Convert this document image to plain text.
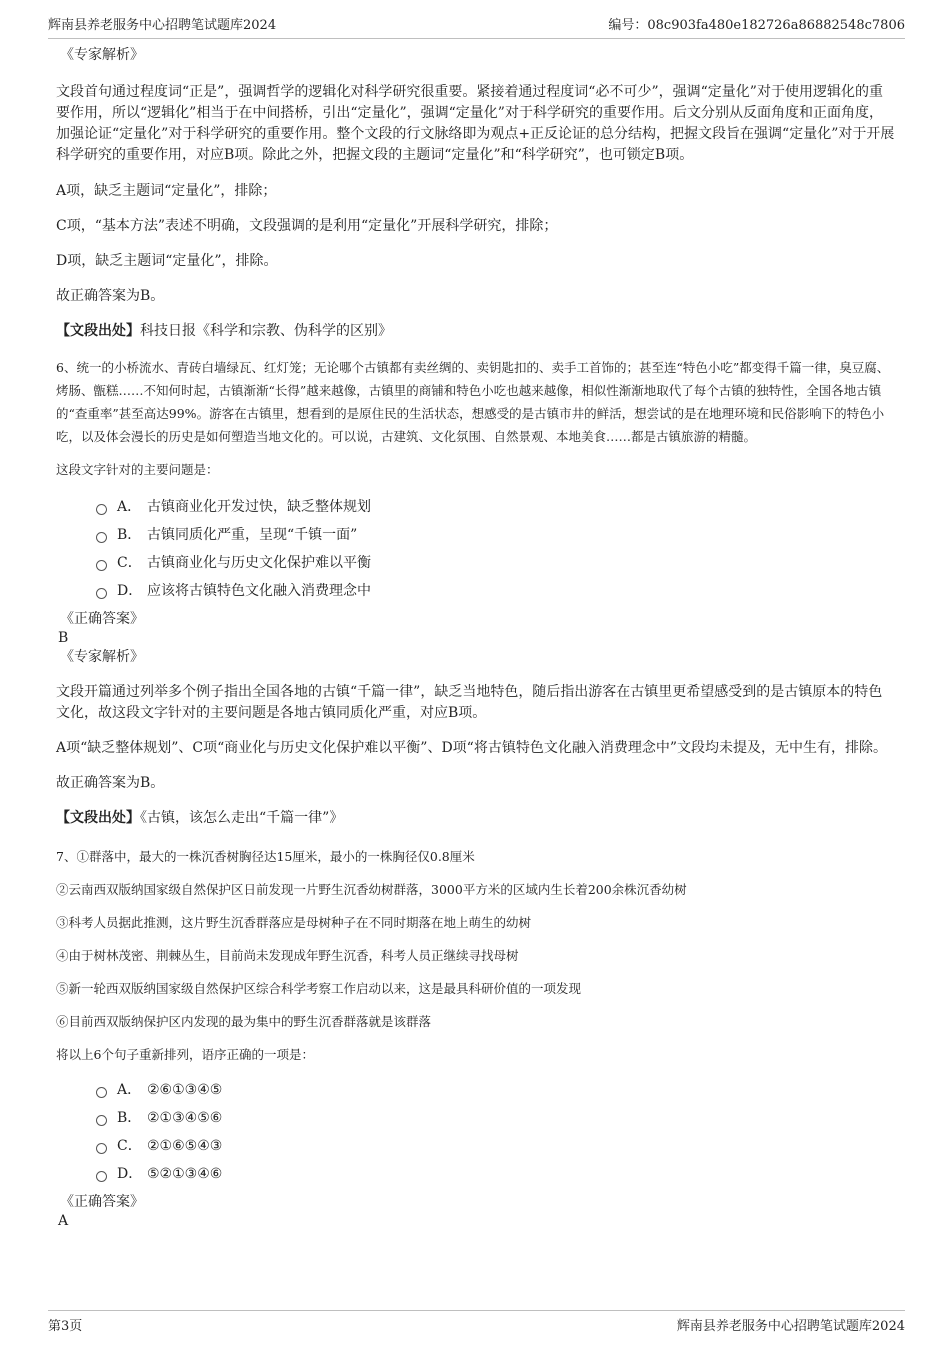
辉南县养老服务中心招聘笔试题库2024	编号：08c903fa480e182726a86882548c7806

《专家解析》

文段首句通过程度词“正是”，强调哲学的逻辑化对科学研究很重要。紧接着通过程度词“必不可少”，强调“定量化”对于使用逻辑化的重要作用，所以“逻辑化”相当于在中间搭桥，引出“定量化”，强调“定量化”对于科学研究的重要作用。后文分别从反面角度和正面角度，加强论证“定量化”对于科学研究的重要作用。整个文段的行文脉络即为观点+正反论证的总分结构，把握文段旨在强调“定量化”对于开展科学研究的重要作用，对应B项。除此之外，把握文段的主题词“定量化”和“科学研究”，也可锁定B项。

A项，缺乏主题词“定量化”，排除；

C项，“基本方法”表述不明确，文段强调的是利用“定量化”开展科学研究，排除；

D项，缺乏主题词“定量化”，排除。

故正确答案为B。

【文段出处】科技日报《科学和宗教、伪科学的区别》

6、统一的小桥流水、青砖白墙绿瓦、红灯笼；无论哪个古镇都有卖丝绸的、卖钥匙扣的、卖手工首饰的；甚至连“特色小吃”都变得千篇一律，臭豆腐、烤肠、甑糕……不知何时起，古镇渐渐“长得”越来越像，古镇里的商铺和特色小吃也越来越像，相似性渐渐地取代了每个古镇的独特性，全国各地古镇的“查重率”甚至高达99%。游客在古镇里，想看到的是原住民的生活状态，想感受的是古镇市井的鲜活，想尝试的是在地理环境和民俗影响下的特色小吃，以及体会漫长的历史是如何塑造当地文化的。可以说，古建筑、文化氛围、自然景观、本地美食……都是古镇旅游的精髓。

这段文字针对的主要问题是：

A． 古镇商业化开发过快，缺乏整体规划
B． 古镇同质化严重，呈现“千镇一面”
C． 古镇商业化与历史文化保护难以平衡
D． 应该将古镇特色文化融入消费理念中

《正确答案》

B

《专家解析》

文段开篇通过列举多个例子指出全国各地的古镇“千篇一律”，缺乏当地特色，随后指出游客在古镇里更希望感受到的是古镇原本的特色文化，故这段文字针对的主要问题是各地古镇同质化严重，对应B项。

A项“缺乏整体规划”、C项“商业化与历史文化保护难以平衡”、D项“将古镇特色文化融入消费理念中”文段均未提及，无中生有，排除。

故正确答案为B。

【文段出处】《古镇，该怎么走出“千篇一律”》

7、①群落中，最大的一株沉香树胸径达15厘米，最小的一株胸径仅0.8厘米

②云南西双版纳国家级自然保护区日前发现一片野生沉香幼树群落，3000平方米的区域内生长着200余株沉香幼树

③科考人员据此推测，这片野生沉香群落应是母树种子在不同时期落在地上萌生的幼树

④由于树林茂密、荆棘丛生，目前尚未发现成年野生沉香，科考人员正继续寻找母树

⑤新一轮西双版纳国家级自然保护区综合科学考察工作启动以来，这是最具科研价值的一项发现

⑥目前西双版纳保护区内发现的最为集中的野生沉香群落就是该群落

将以上6个句子重新排列，语序正确的一项是：

A． ②⑥①③④⑤
B． ②①③④⑤⑥
C． ②①⑥⑤④③
D． ⑤②①③④⑥

《正确答案》

A

第3页	辉南县养老服务中心招聘笔试题库2024
